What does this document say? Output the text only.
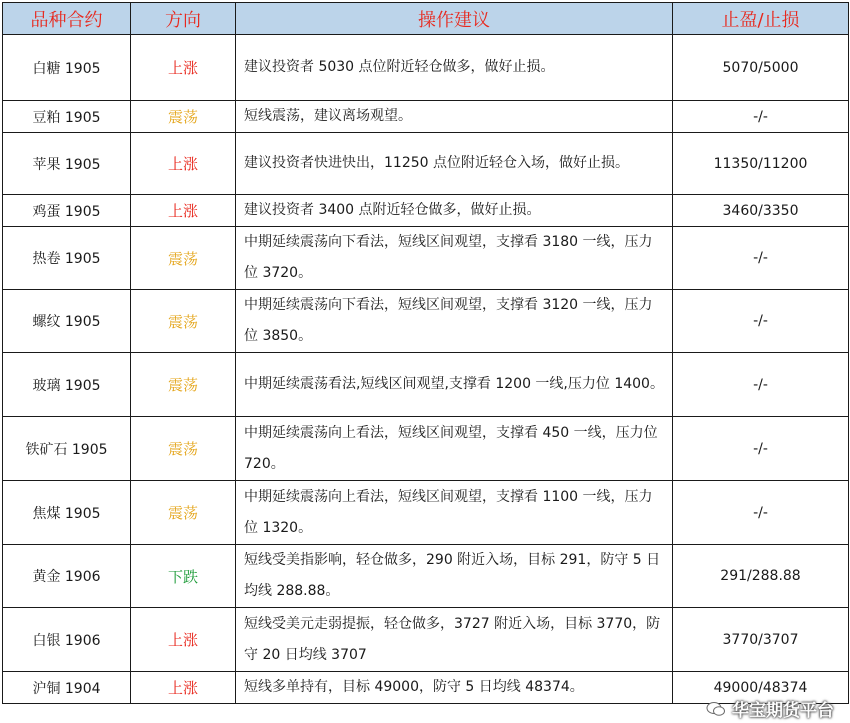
品种合约	方向	操作建议	止盈/止损
白糖 1905	上涨	建议投资者 5030 点位附近轻仓做多，做好止损。	5070/5000
豆粕 1905	震荡	短线震荡，建议离场观望。	-/-
苹果 1905	上涨	建议投资者快进快出，11250 点位附近轻仓入场，做好止损。	11350/11200
鸡蛋 1905	上涨	建议投资者 3400 点附近轻仓做多，做好止损。	3460/3350
热卷 1905	震荡	中期延续震荡向下看法，短线区间观望，支撑看 3180 一线，压力位 3720。	-/-
螺纹 1905	震荡	中期延续震荡向下看法，短线区间观望，支撑看 3120 一线，压力位 3850。	-/-
玻璃 1905	震荡	中期延续震荡看法,短线区间观望,支撑看 1200 一线,压力位 1400。	-/-
铁矿石 1905	震荡	中期延续震荡向上看法，短线区间观望，支撑看 450 一线，压力位 720。	-/-
焦煤 1905	震荡	中期延续震荡向上看法，短线区间观望，支撑看 1100 一线，压力位 1320。	-/-
黄金 1906	下跌	短线受美指影响，轻仓做多，290 附近入场，目标 291，防守 5 日均线 288.88。	291/288.88
白银 1906	上涨	短线受美元走弱提振，轻仓做多，3727 附近入场，目标 3770，防守 20 日均线 3707	3770/3707
沪铜 1904	上涨	短线多单持有，目标 49000，防守 5 日均线 48374。	49000/48374
华宝期货平台
